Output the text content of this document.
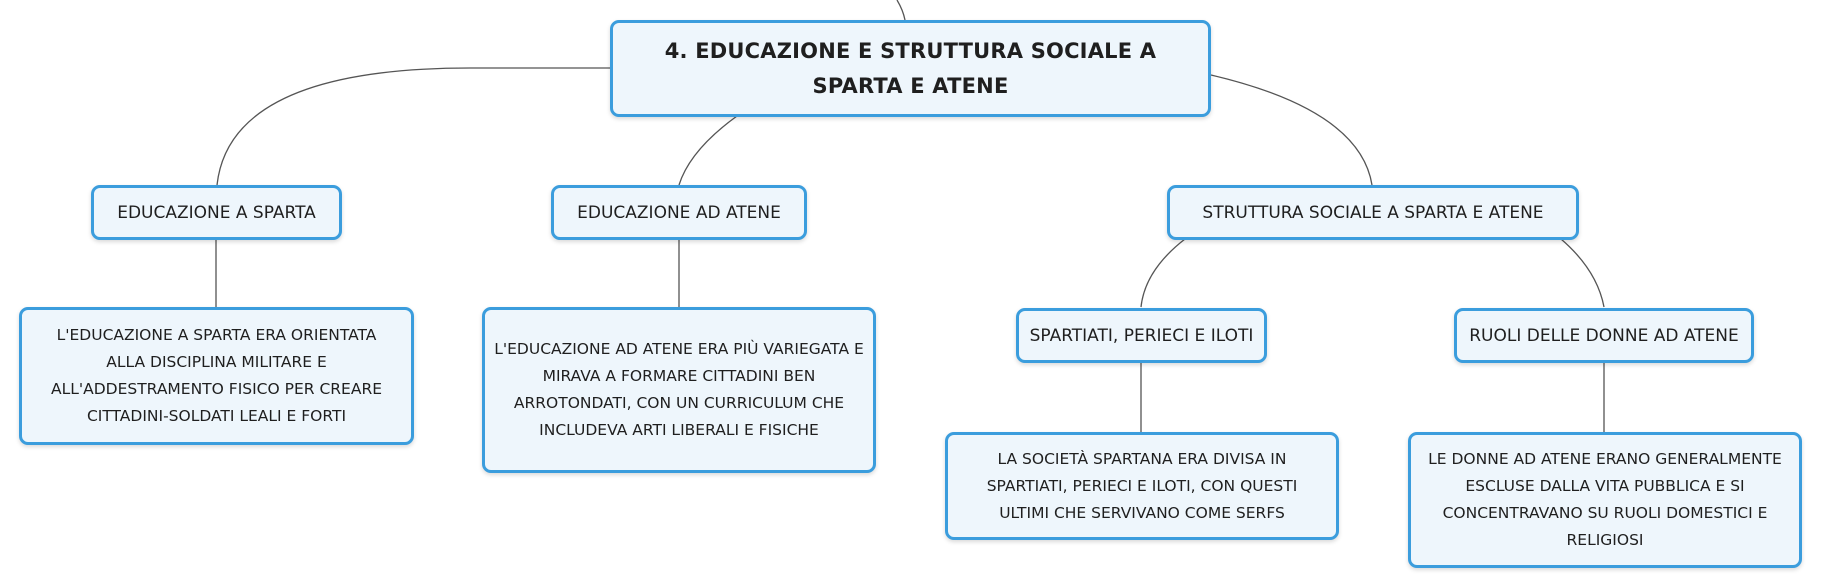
4. EDUCAZIONE E STRUTTURA SOCIALE A SPARTA E ATENE
EDUCAZIONE A SPARTA	EDUCAZIONE AD ATENE	STRUTTURA SOCIALE A SPARTA E ATENE
L'EDUCAZIONE A SPARTA ERA ORIENTATA ALLA DISCIPLINA MILITARE E ALL'ADDESTRAMENTO FISICO PER CREARE CITTADINI-SOLDATI LEALI E FORTI
L'EDUCAZIONE AD ATENE ERA PIÙ VARIEGATA E MIRAVA A FORMARE CITTADINI BEN ARROTONDATI, CON UN CURRICULUM CHE INCLUDEVA ARTI LIBERALI E FISICHE
SPARTIATI, PERIECI E ILOTI	RUOLI DELLE DONNE AD ATENE
LA SOCIETÀ SPARTANA ERA DIVISA IN SPARTIATI, PERIECI E ILOTI, CON QUESTI ULTIMI CHE SERVIVANO COME SERFS
LE DONNE AD ATENE ERANO GENERALMENTE ESCLUSE DALLA VITA PUBBLICA E SI CONCENTRAVANO SU RUOLI DOMESTICI E RELIGIOSI
